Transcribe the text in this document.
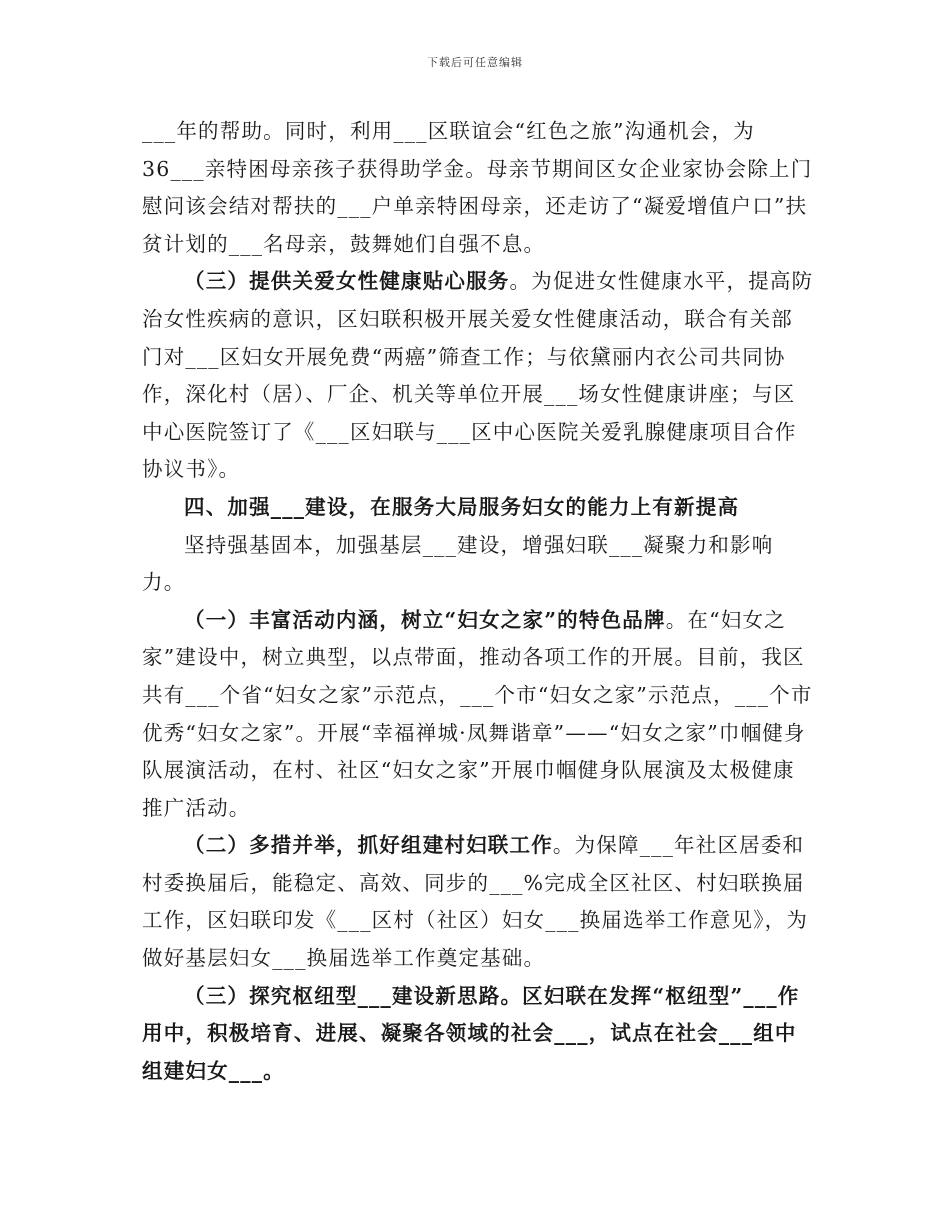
下载后可任意编辑

___年的帮助。同时，利用___区联谊会“红色之旅”沟通机会，为36___亲特困母亲孩子获得助学金。母亲节期间区女企业家协会除上门慰问该会结对帮扶的___户单亲特困母亲，还走访了“凝爱增值户口”扶贫计划的___名母亲，鼓舞她们自强不息。

（三）提供关爱女性健康贴心服务。为促进女性健康水平，提高防治女性疾病的意识，区妇联积极开展关爱女性健康活动，联合有关部门对___区妇女开展免费“两癌”筛查工作；与依黛丽内衣公司共同协作，深化村（居）、厂企、机关等单位开展___场女性健康讲座；与区中心医院签订了《___区妇联与___区中心医院关爱乳腺健康项目合作协议书》。

四、加强___建设，在服务大局服务妇女的能力上有新提高

坚持强基固本，加强基层___建设，增强妇联___凝聚力和影响力。

（一）丰富活动内涵，树立“妇女之家”的特色品牌。在“妇女之家”建设中，树立典型，以点带面，推动各项工作的开展。目前，我区共有___个省“妇女之家”示范点，___个市“妇女之家”示范点，___个市优秀“妇女之家”。开展“幸福禅城·凤舞谐章”——“妇女之家”巾帼健身队展演活动，在村、社区“妇女之家”开展巾帼健身队展演及太极健康推广活动。

（二）多措并举，抓好组建村妇联工作。为保障___年社区居委和村委换届后，能稳定、高效、同步的___%完成全区社区、村妇联换届工作，区妇联印发《___区村（社区）妇女___换届选举工作意见》，为做好基层妇女___换届选举工作奠定基础。

（三）探究枢纽型___建设新思路。区妇联在发挥“枢纽型”___作用中，积极培育、进展、凝聚各领域的社会___，试点在社会___组中组建妇女___。
